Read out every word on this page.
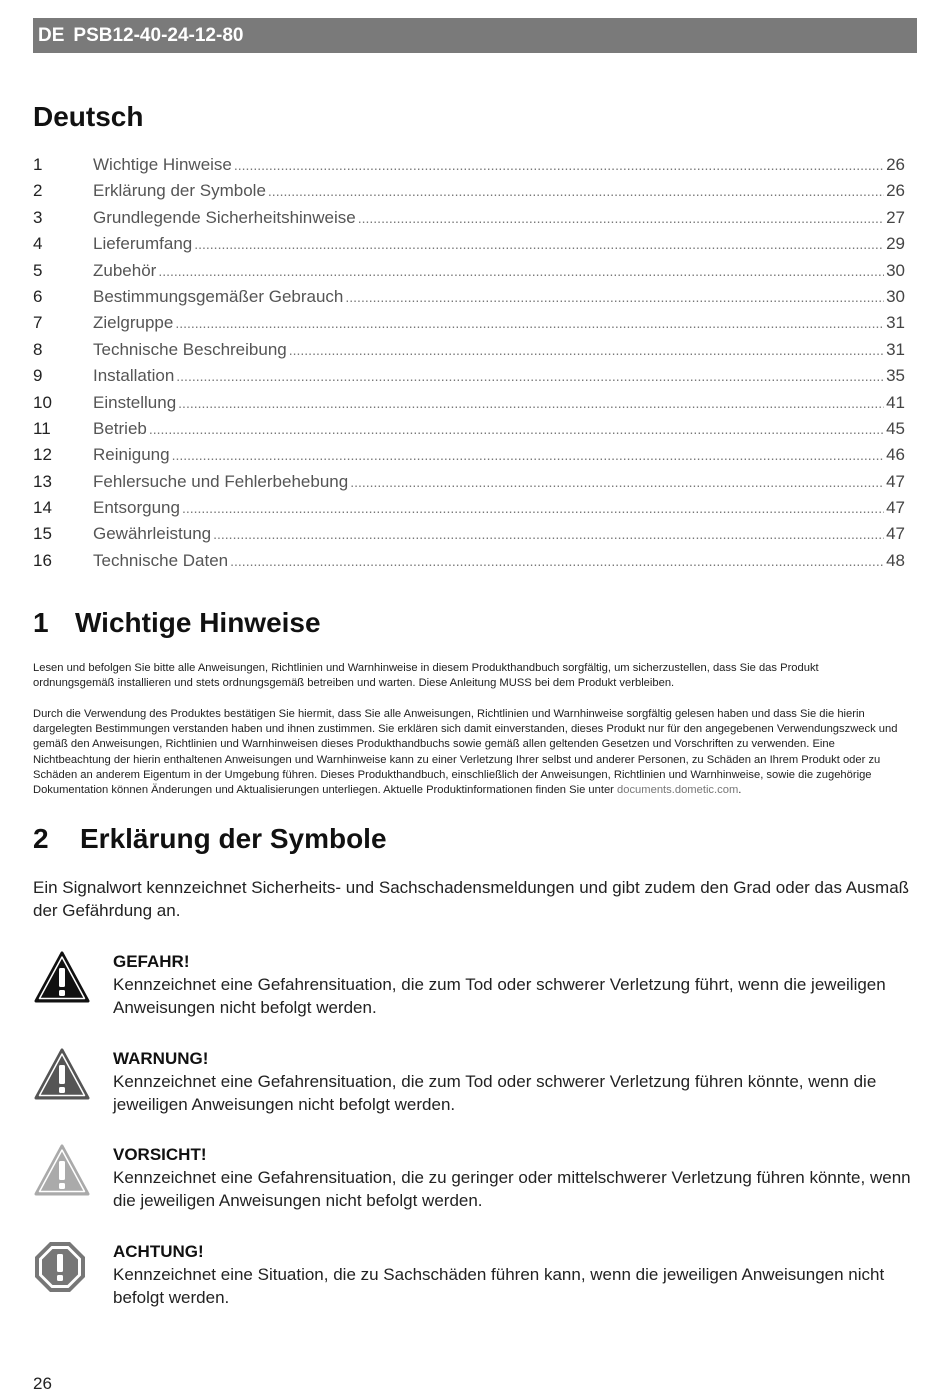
DE PSB12-40-24-12-80
Deutsch
1	Wichtige Hinweise .....	26
2	Erklärung der Symbole .....	26
3	Grundlegende Sicherheitshinweise .....	27
4	Lieferumfang .....	29
5	Zubehör .....	30
6	Bestimmungsgemäßer Gebrauch .....	30
7	Zielgruppe .....	31
8	Technische Beschreibung .....	31
9	Installation .....	35
10	Einstellung .....	41
11	Betrieb .....	45
12	Reinigung .....	46
13	Fehlersuche und Fehlerbehebung .....	47
14	Entsorgung .....	47
15	Gewährleistung .....	47
16	Technische Daten .....	48
1 Wichtige Hinweise

Lesen und befolgen Sie bitte alle Anweisungen, Richtlinien und Warnhinweise in diesem Produkthandbuch sorgfältig, um sicherzustellen, dass Sie das Produkt ordnungsgemäß installieren und stets ordnungsgemäß betreiben und warten. Diese Anleitung MUSS bei dem Produkt verbleiben.

Durch die Verwendung des Produktes bestätigen Sie hiermit, dass Sie alle Anweisungen, Richtlinien und Warnhinweise sorgfältig gelesen haben und dass Sie die hierin dargelegten Bestimmungen verstanden haben und ihnen zustimmen. Sie erklären sich damit einverstanden, dieses Produkt nur für den angegebenen Verwendungszweck und gemäß den Anweisungen, Richtlinien und Warnhinweisen dieses Produkthandbuchs sowie gemäß allen geltenden Gesetzen und Vorschriften zu verwenden. Eine Nichtbeachtung der hierin enthaltenen Anweisungen und Warnhinweise kann zu einer Verletzung Ihrer selbst und anderer Personen, zu Schäden an Ihrem Produkt oder zu Schäden an anderem Eigentum in der Umgebung führen. Dieses Produkthandbuch, einschließlich der Anweisungen, Richtlinien und Warnhinweise, sowie die zugehörige Dokumentation können Änderungen und Aktualisierungen unterliegen. Aktuelle Produktinformationen finden Sie unter documents.dometic.com.

2	Erklärung der Symbole

Ein Signalwort kennzeichnet Sicherheits- und Sachschadensmeldungen und gibt zudem den Grad oder das Ausmaß der Gefährdung an.

GEFAHR!

Kennzeichnet eine Gefahrensituation, die zum Tod oder schwerer Verletzung führt, wenn die jeweiligen Anweisungen nicht befolgt werden.

WARNUNG!

Kennzeichnet eine Gefahrensituation, die zum Tod oder schwerer Verletzung führen könnte, wenn die jeweiligen Anweisungen nicht befolgt werden.

VORSICHT!

Kennzeichnet eine Gefahrensituation, die zu geringer oder mittelschwerer Verletzung führen könnte, wenn die jeweiligen Anweisungen nicht befolgt werden.

ACHTUNG!

Kennzeichnet eine Situation, die zu Sachschäden führen kann, wenn die jeweiligen Anweisungen nicht befolgt werden.

26
